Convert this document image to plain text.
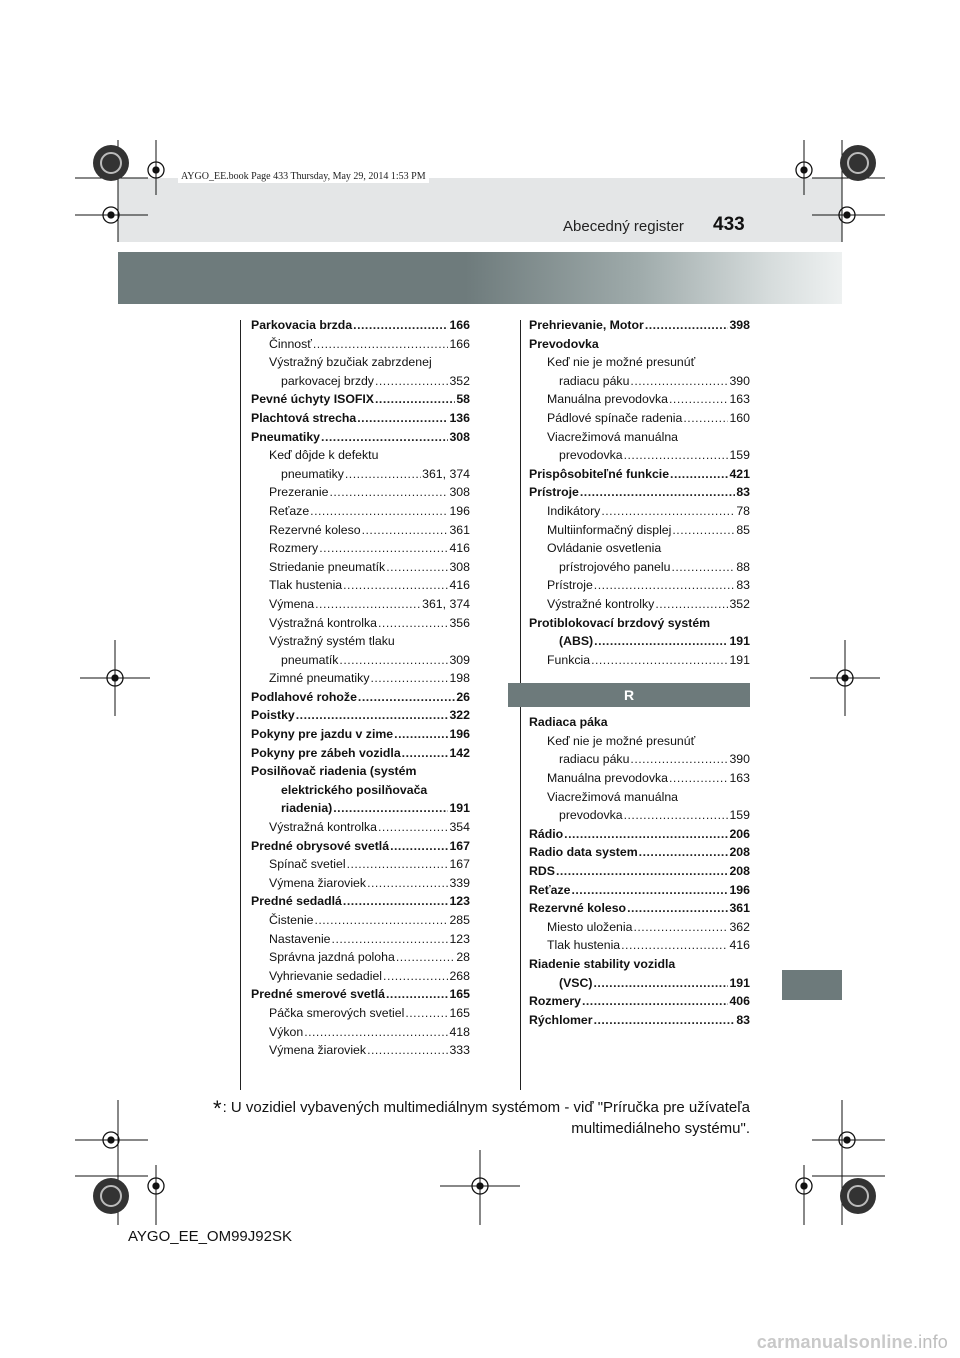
Abecedný register 433
AYGO_EE.book Page 433 Thursday, May 29, 2014 1:53 PM
Parkovacia brzda .....	166
Činnosť .....	166
Výstražný bzučiak zabrzdenej
parkovacej brzdy .....	352
Pevné úchyty ISOFIX .....	58
Plachtová strecha .....	136
Pneumatiky .....	308
Keď dôjde k defektu
pneumatiky .....	361, 374
Prezeranie .....	308
Reťaze .....	196
Rezervné koleso .....	361
Rozmery .....	416
Striedanie pneumatík .....	308
Tlak hustenia .....	416
Výmena .....	361, 374
Výstražná kontrolka .....	356
Výstražný systém tlaku
pneumatík .....	309
Zimné pneumatiky .....	198
Podlahové rohože .....	26
Poistky .....	322
Pokyny pre jazdu v zime .....	196
Pokyny pre zábeh vozidla .....	142
Posilňovač riadenia (systém
elektrického posilňovača
riadenia) .....	191
Výstražná kontrolka .....	354
Predné obrysové svetlá .....	167
Spínač svetiel .....	167
Výmena žiaroviek .....	339
Predné sedadlá .....	123
Čistenie .....	285
Nastavenie .....	123
Správna jazdná poloha .....	28
Vyhrievanie sedadiel .....	268
Predné smerové svetlá .....	165
Páčka smerových svetiel .....	165
Výkon .....	418
Výmena žiaroviek .....	333
Prehrievanie, Motor .....	398
Prevodovka
Keď nie je možné presunúť
radiacu páku .....	390
Manuálna prevodovka .....	163
Pádlové spínače radenia .....	160
Viacrežimová manuálna
prevodovka .....	159
Prispôsobiteľné funkcie .....	421
Prístroje .....	83
Indikátory .....	78
Multiinformačný displej .....	85
Ovládanie osvetlenia
prístrojového panelu .....	88
Prístroje .....	83
Výstražné kontrolky .....	352
Protiblokovací brzdový systém
(ABS) .....	191
Funkcia .....	191
R
Radiaca páka
Keď nie je možné presunúť
radiacu páku .....	390
Manuálna prevodovka .....	163
Viacrežimová manuálna
prevodovka .....	159
Rádio .....	206
Radio data system .....	208
RDS .....	208
Reťaze .....	196
Rezervné koleso .....	361
Miesto uloženia .....	362
Tlak hustenia .....	416
Riadenie stability vozidla
(VSC) .....	191
Rozmery .....	406
Rýchlomer .....	83
*: U vozidiel vybavených multimediálnym systémom - viď "Príručka pre užívateľa
multimediálneho systému".
AYGO_EE_OM99J92SK
carmanualsonline.info
